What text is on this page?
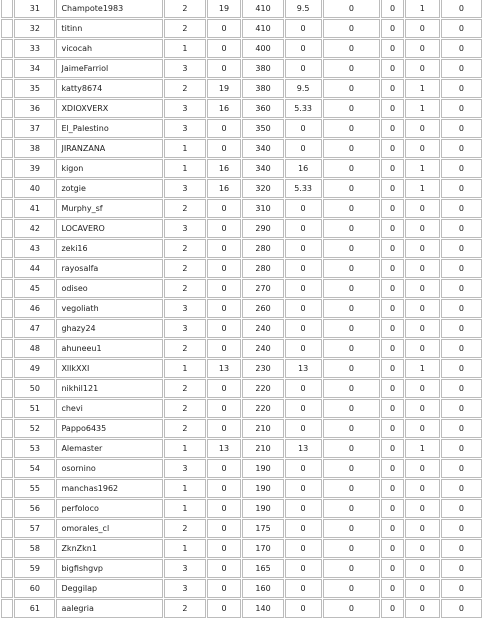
	31	Champote1983	2	19	410	9.5	0	0	1	0
	32	titinn	2	0	410	0	0	0	0	0
	33	vicocah	1	0	400	0	0	0	0	0
	34	JaimeFarriol	3	0	380	0	0	0	0	0
	35	katty8674	2	19	380	9.5	0	0	1	0
	36	XDIOXVERX	3	16	360	5.33	0	0	1	0
	37	El_Palestino	3	0	350	0	0	0	0	0
	38	JIRANZANA	1	0	340	0	0	0	0	0
	39	kigon	1	16	340	16	0	0	1	0
	40	zotgie	3	16	320	5.33	0	0	1	0
	41	Murphy_sf	2	0	310	0	0	0	0	0
	42	LOCAVERO	3	0	290	0	0	0	0	0
	43	zeki16	2	0	280	0	0	0	0	0
	44	rayosalfa	2	0	280	0	0	0	0	0
	45	odiseo	2	0	270	0	0	0	0	0
	46	vegoliath	3	0	260	0	0	0	0	0
	47	ghazy24	3	0	240	0	0	0	0	0
	48	ahuneeu1	2	0	240	0	0	0	0	0
	49	XllkXXI	1	13	230	13	0	0	1	0
	50	nikhil121	2	0	220	0	0	0	0	0
	51	chevi	2	0	220	0	0	0	0	0
	52	Pappo6435	2	0	210	0	0	0	0	0
	53	Alemaster	1	13	210	13	0	0	1	0
	54	osornino	3	0	190	0	0	0	0	0
	55	manchas1962	1	0	190	0	0	0	0	0
	56	perfoloco	1	0	190	0	0	0	0	0
	57	omorales_cl	2	0	175	0	0	0	0	0
	58	ZknZkn1	1	0	170	0	0	0	0	0
	59	bigfishgvp	3	0	165	0	0	0	0	0
	60	Deggilap	3	0	160	0	0	0	0	0
	61	aalegria	2	0	140	0	0	0	0	0
